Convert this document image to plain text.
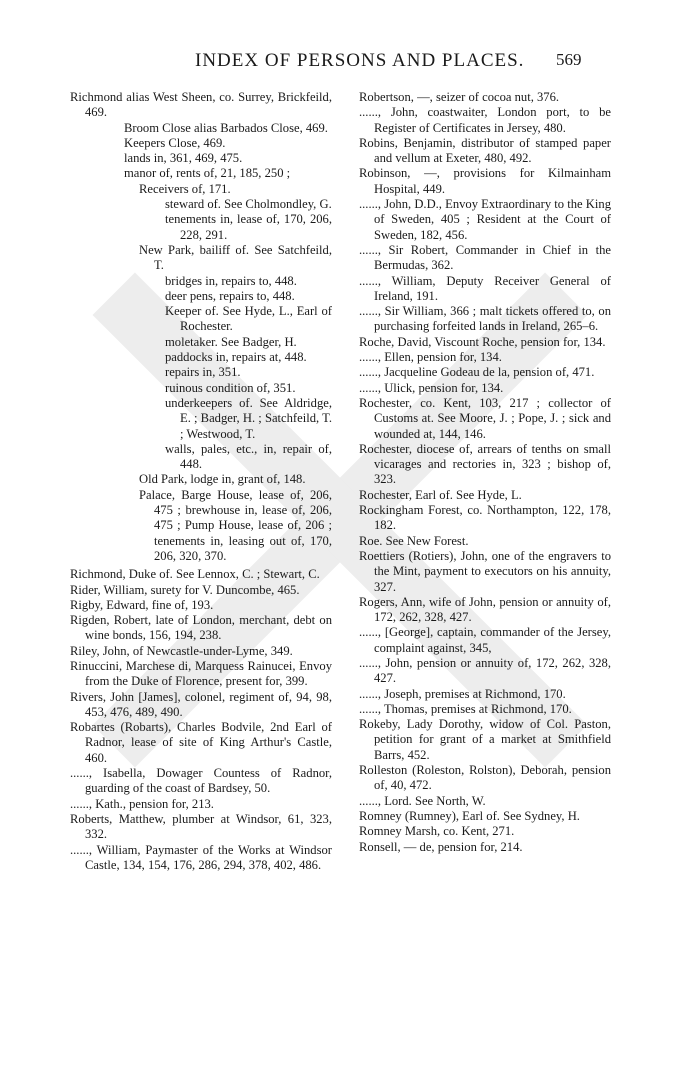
INDEX OF PERSONS AND PLACES. 569
Richmond alias West Sheen, co. Surrey, Brickfeild, 469.
Broom Close alias Barbados Close, 469.
Keepers Close, 469.
lands in, 361, 469, 475.
manor of, rents of, 21, 185, 250 ;
Receivers of, 171.
steward of. See Cholmondley, G.
tenements in, lease of, 170, 206, 228, 291.
New Park, bailiff of. See Satchfeild, T.
bridges in, repairs to, 448.
deer pens, repairs to, 448.
Keeper of. See Hyde, L., Earl of Rochester.
moletaker. See Badger, H.
paddocks in, repairs at, 448.
repairs in, 351.
ruinous condition of, 351.
underkeepers of. See Aldridge, E. ; Badger, H. ; Satchfeild, T. ; Westwood, T.
walls, pales, etc., in, repair of, 448.
Old Park, lodge in, grant of, 148.
Palace, Barge House, lease of, 206, 475 ; brewhouse in, lease of, 206, 475 ; Pump House, lease of, 206 ; tenements in, leasing out of, 170, 206, 320, 370.
Richmond, Duke of. See Lennox, C. ; Stewart, C.
Rider, William, surety for V. Duncombe, 465.
Rigby, Edward, fine of, 193.
Rigden, Robert, late of London, merchant, debt on wine bonds, 156, 194, 238.
Riley, John, of Newcastle-under-Lyme, 349.
Rinuccini, Marchese di, Marquess Rainucei, Envoy from the Duke of Florence, present for, 399.
Rivers, John [James], colonel, regiment of, 94, 98, 453, 476, 489, 490.
Robartes (Robarts), Charles Bodvile, 2nd Earl of Radnor, lease of site of King Arthur's Castle, 460.
......, Isabella, Dowager Countess of Radnor, guarding of the coast of Bardsey, 50.
......, Kath., pension for, 213.
Roberts, Matthew, plumber at Windsor, 61, 323, 332.
......, William, Paymaster of the Works at Windsor Castle, 134, 154, 176, 286, 294, 378, 402, 486.
Robertson, —, seizer of cocoa nut, 376.
......, John, coastwaiter, London port, to be Register of Certificates in Jersey, 480.
Robins, Benjamin, distributor of stamped paper and vellum at Exeter, 480, 492.
Robinson, —, provisions for Kilmainham Hospital, 449.
......, John, D.D., Envoy Extraordinary to the King of Sweden, 405 ; Resident at the Court of Sweden, 182, 456.
......, Sir Robert, Commander in Chief in the Bermudas, 362.
......, William, Deputy Receiver General of Ireland, 191.
......, Sir William, 366 ; malt tickets offered to, on purchasing forfeited lands in Ireland, 265–6.
Roche, David, Viscount Roche, pension for, 134.
......, Ellen, pension for, 134.
......, Jacqueline Godeau de la, pension of, 471.
......, Ulick, pension for, 134.
Rochester, co. Kent, 103, 217 ; collector of Customs at. See Moore, J. ; Pope, J. ; sick and wounded at, 144, 146.
Rochester, diocese of, arrears of tenths on small vicarages and rectories in, 323 ; bishop of, 323.
Rochester, Earl of. See Hyde, L.
Rockingham Forest, co. Northampton, 122, 178, 182.
Roe. See New Forest.
Roettiers (Rotiers), John, one of the engravers to the Mint, payment to executors on his annuity, 327.
Rogers, Ann, wife of John, pension or annuity of, 172, 262, 328, 427.
......, [George], captain, commander of the Jersey, complaint against, 345,
......, John, pension or annuity of, 172, 262, 328, 427.
......, Joseph, premises at Richmond, 170.
......, Thomas, premises at Richmond, 170.
Rokeby, Lady Dorothy, widow of Col. Paston, petition for grant of a market at Smithfield Barrs, 452.
Rolleston (Roleston, Rolston), Deborah, pension of, 40, 472.
......, Lord. See North, W.
Romney (Rumney), Earl of. See Sydney, H.
Romney Marsh, co. Kent, 271.
Ronsell, — de, pension for, 214.
